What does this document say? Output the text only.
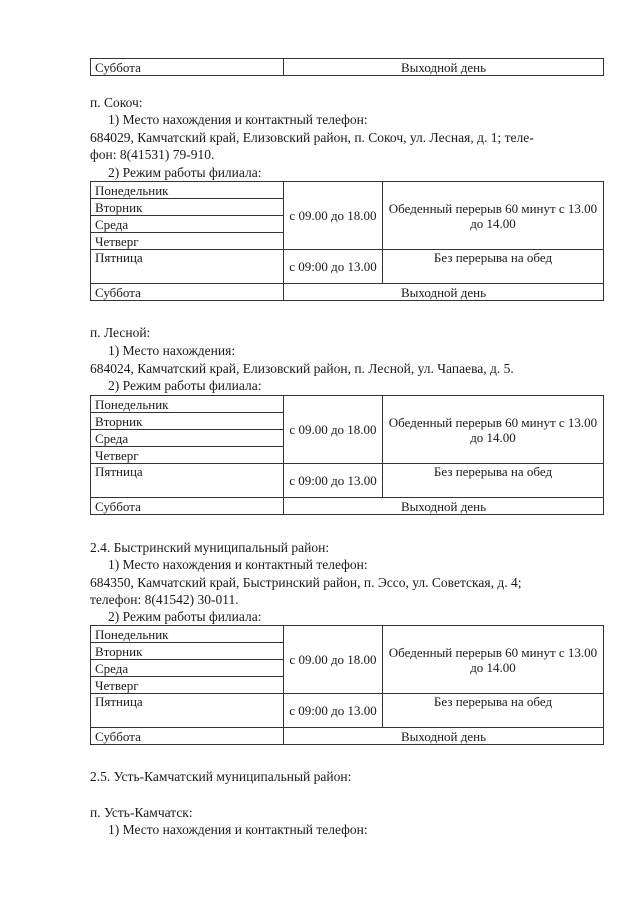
Суббота	Выходной день
п. Сокоч:
1) Место нахождения и контактный телефон:
684029, Камчатский край, Елизовский район, п. Сокоч, ул. Лесная, д. 1; теле-
фон: 8(41531) 79-910.
2) Режим работы филиала:
Понедельник	с 09.00 до 18.00	Обеденный перерыв 60 минут с 13.00 до 14.00
Вторник		
Среда		
Четверг		
Пятница	с 09:00 до 13.00	Без перерыва на обед
Суббота	Выходной день	
п. Лесной:
1) Место нахождения:
684024, Камчатский край, Елизовский район, п. Лесной, ул. Чапаева, д. 5.
2) Режим работы филиала:
Понедельник	с 09.00 до 18.00	Обеденный перерыв 60 минут с 13.00 до 14.00
Вторник		
Среда		
Четверг		
Пятница	с 09:00 до 13.00	Без перерыва на обед
Суббота	Выходной день	
2.4. Быстринский муниципальный район:
1) Место нахождения и контактный телефон:
684350, Камчатский край, Быстринский район, п. Эссо, ул. Советская, д. 4;
телефон: 8(41542) 30-011.
2) Режим работы филиала:
Понедельник	с 09.00 до 18.00	Обеденный перерыв 60 минут с 13.00 до 14.00
Вторник		
Среда		
Четверг		
Пятница	с 09:00 до 13.00	Без перерыва на обед
Суббота	Выходной день	
2.5. Усть-Камчатский муниципальный район:
п. Усть-Камчатск:
1) Место нахождения и контактный телефон:
